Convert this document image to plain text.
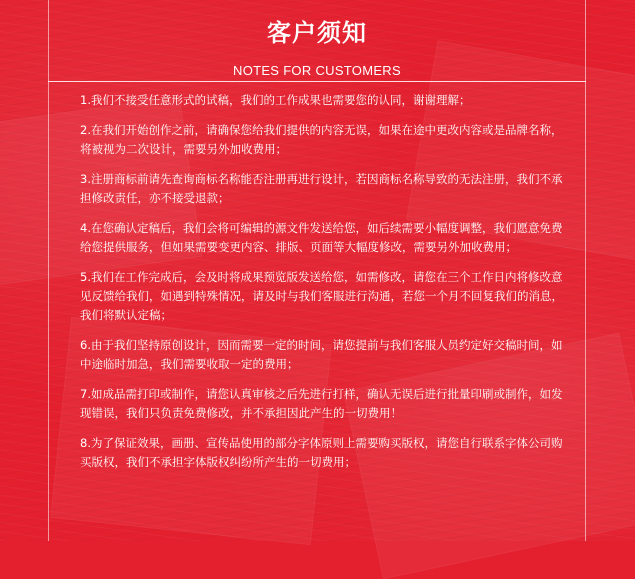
客户须知
NOTES FOR CUSTOMERS
1.我们不接受任意形式的试稿，我们的工作成果也需要您的认同，谢谢理解；
2.在我们开始创作之前，请确保您给我们提供的内容无误，如果在途中更改内容或是品牌名称，将被视为二次设计，需要另外加收费用；
3.注册商标前请先查询商标名称能否注册再进行设计，若因商标名称导致的无法注册，我们不承担修改责任，亦不接受退款；
4.在您确认定稿后，我们会将可编辑的源文件发送给您，如后续需要小幅度调整，我们愿意免费给您提供服务，但如果需要变更内容、排版、页面等大幅度修改，需要另外加收费用；
5.我们在工作完成后，会及时将成果预览版发送给您，如需修改，请您在三个工作日内将修改意见反馈给我们，如遇到特殊情况，请及时与我们客服进行沟通，若您一个月不回复我们的消息，我们将默认定稿；
6.由于我们坚持原创设计，因而需要一定的时间，请您提前与我们客服人员约定好交稿时间，如中途临时加急，我们需要收取一定的费用；
7.如成品需打印或制作，请您认真审核之后先进行打样，确认无误后进行批量印刷或制作，如发现错误，我们只负责免费修改，并不承担因此产生的一切费用！
8.为了保证效果，画册、宣传品使用的部分字体原则上需要购买版权，请您自行联系字体公司购买版权，我们不承担字体版权纠纷所产生的一切费用；
